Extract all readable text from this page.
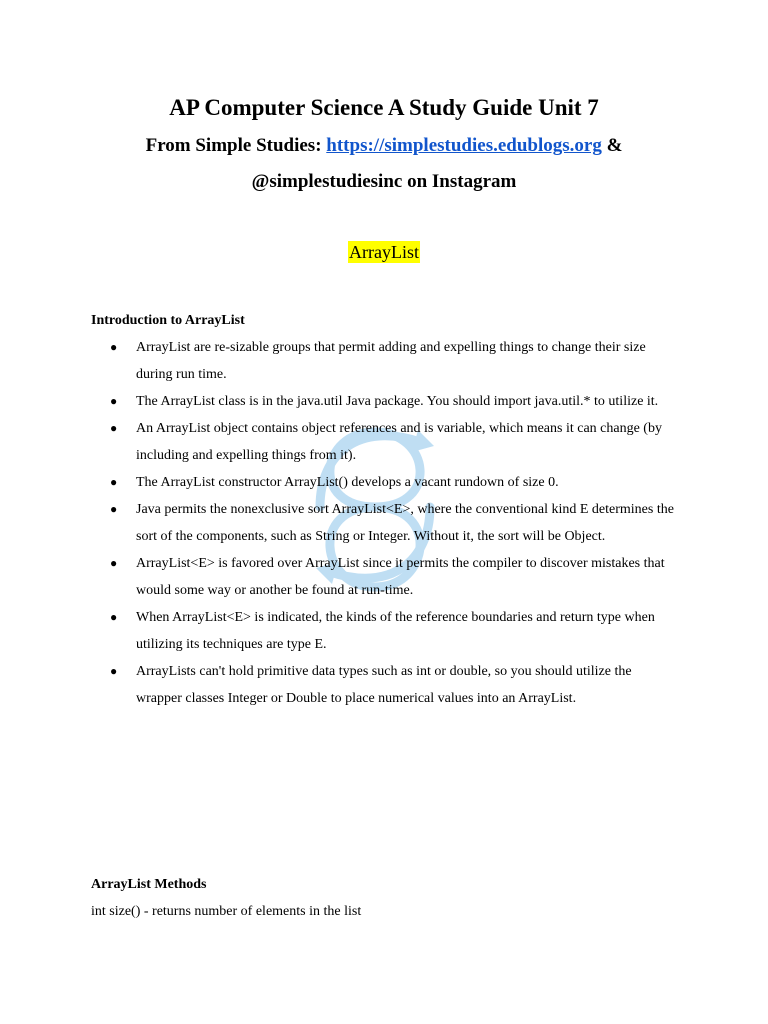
AP Computer Science A Study Guide Unit 7
From Simple Studies: https://simplestudies.edublogs.org &
@simplestudiesinc on Instagram
ArrayList
Introduction to ArrayList
● ArrayList are re-sizable groups that permit adding and expelling things to change their size during run time.
● The ArrayList class is in the java.util Java package. You should import java.util.* to utilize it.
● An ArrayList object contains object references and is variable, which means it can change (by including and expelling things from it).
● The ArrayList constructor ArrayList() develops a vacant rundown of size 0.
● Java permits the nonexclusive sort ArrayList<E>, where the conventional kind E determines the sort of the components, such as String or Integer. Without it, the sort will be Object.
● ArrayList<E> is favored over ArrayList since it permits the compiler to discover mistakes that would some way or another be found at run-time.
● When ArrayList<E> is indicated, the kinds of the reference boundaries and return type when utilizing its techniques are type E.
● ArrayLists can't hold primitive data types such as int or double, so you should utilize the wrapper classes Integer or Double to place numerical values into an ArrayList.
ArrayList Methods
int size() - returns number of elements in the list
